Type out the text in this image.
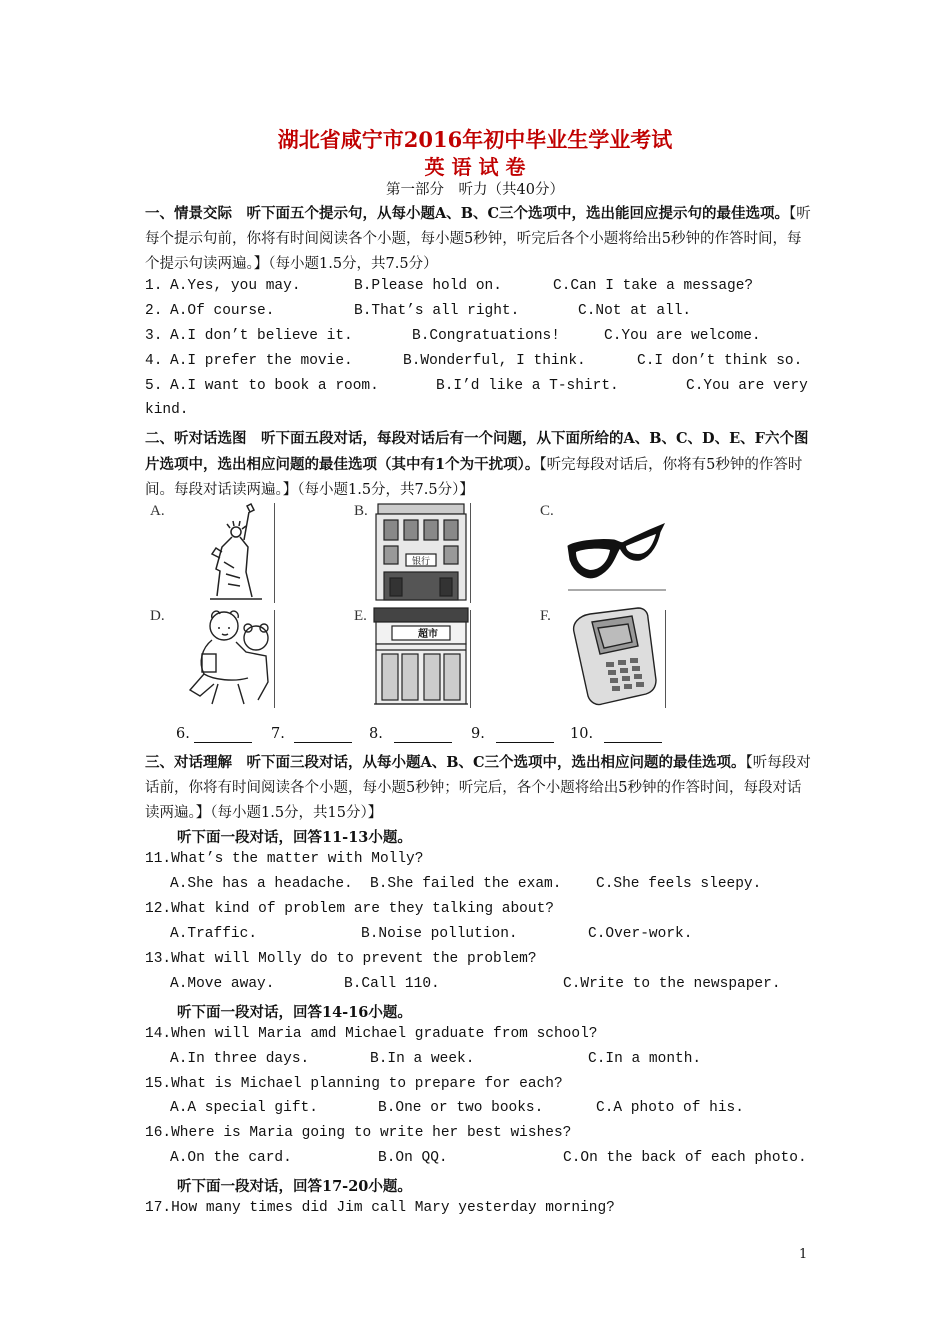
湖北省咸宁市2016年初中毕业生学业考试
英 语 试 卷
第一部分　听力（共40分）
一、情景交际　听下面五个提示句，从每小题A、B、C三个选项中，选出能回应提示句的最佳选项。【听每个提示句前，你将有时间阅读各个小题，每小题5秒钟，听完后各个小题将给出5秒钟的作答时间，每个提示句读两遍。】（每小题1.5分，共7.5分）
1. A.Yes, you may.	B.Please hold on.	C.Can I take a message?
2. A.Of course.	B.That’s all right.	C.Not at all.
3. A.I don’t believe it.	B.Congratuations!	C.You are welcome.
4. A.I prefer the movie.	B.Wonderful, I think.	C.I don’t think so.
5. A.I want to book a room.	B.I’d like a T-shirt.	C.You are very
kind.
二、听对话选图　听下面五段对话，每段对话后有一个问题，从下面所给的A、B、C、D、E、F六个图片选项中，选出相应问题的最佳选项（其中有1个为干扰项）。【听完每段对话后，你将有5秒钟的作答时间。每段对话读两遍。】（每小题1.5分，共7.5分）】
A.	B.
银行
C.
D.	E.
超市
F.
6.	7.	8.	9.	10.
三、对话理解　听下面三段对话，从每小题A、B、C三个选项中，选出相应问题的最佳选项。【听每段对话前，你将有时间阅读各个小题，每小题5秒钟；听完后，各个小题将给出5秒钟的作答时间，每段对话读两遍。】（每小题1.5分，共15分）】
听下面一段对话，回答11-13小题。
11.What’s the matter with Molly?
A.She has a headache. B.She failed the exam. C.She feels sleepy.
12.What kind of problem are they talking about?
A.Traffic.	B.Noise pollution.	C.Over-work.
13.What will Molly do to prevent the problem?
A.Move away.	B.Call 110.	C.Write to the newspaper.
听下面一段对话，回答14-16小题。
14.When will Maria amd Michael graduate from school?
A.In three days.	B.In a week.	C.In a month.
15.What is Michael planning to prepare for each?
A.A special gift.	B.One or two books.	C.A photo of his.
16.Where is Maria going to write her best wishes?
A.On the card.	B.On QQ.	C.On the back of each photo.
听下面一段对话，回答17-20小题。
17.How many times did Jim call Mary yesterday morning?
1
